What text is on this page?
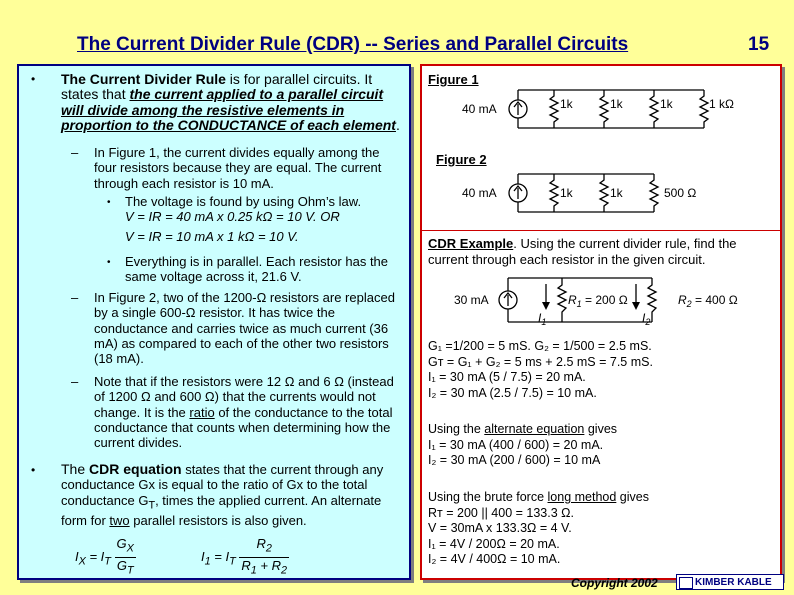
The Current Divider Rule (CDR) -- Series and Parallel Circuits	15
• The Current Divider Rule is for parallel circuits. It states that the current applied to a parallel circuit will divide among the resistive elements in proportion to the CONDUCTANCE of each element.
– In Figure 1, the current divides equally among the four resistors because they are equal. The current through each resistor is 10 mA.
• The voltage is found by using Ohm’s law.
V = IR = 40 mA x 0.25 kΩ = 10 V. OR
V = IR = 10 mA x 1 kΩ = 10 V.
• Everything is in parallel. Each resistor has the same voltage across it, 21.6 V.
– In Figure 2, two of the 1200-Ω resistors are replaced by a single 600-Ω resistor. It has twice the conductance and carries twice as much current (36 mA) as compared to each of the other two resistors (18 mA).
– Note that if the resistors were 12 Ω and 6 Ω (instead of 1200 Ω and 600 Ω) that the currents would not change. It is the ratio of the conductance to the total conductance that counts when determining how the current divides.
• The CDR equation states that the current through any conductance Gx is equal to the ratio of Gx to the total conductance $G_T$, times the applied current. An alternate form for two parallel resistors is also given.
$I_X = I_T \frac{G_X}{G_T}$	$I_1 = I_T \frac{R_2}{R_1 + R_2}$
Figure 1
40 mA	1k	1k	1k	1 kΩ
Figure 2
40 mA	1k	1k	500 Ω
CDR Example. Using the current divider rule, find the current through each resistor in the given circuit.
30 mA	$R_1 = 200$ Ω	$R_2 = 400$ Ω
$I_1$	$I_2$
G₁ =1/200 = 5 mS. G₂ = 1/500 = 2.5 mS.
Gᴛ = G₁ + G₂ = 5 ms + 2.5 mS = 7.5 mS.
I₁ = 30 mA (5 / 7.5) = 20 mA.
I₂ = 30 mA (2.5 / 7.5) = 10 mA.
Using the alternate equation gives
I₁ = 30 mA (400 / 600) = 20 mA.
I₂ = 30 mA (200 / 600) = 10 mA
Using the brute force long method gives
Rᴛ = 200 || 400 = 133.3 Ω.
V = 30mA x 133.3Ω = 4 V.
I₁ = 4V / 200Ω = 20 mA.
I₂ = 4V / 400Ω = 10 mA.
Copyright 2002	KIMBER KABLE
